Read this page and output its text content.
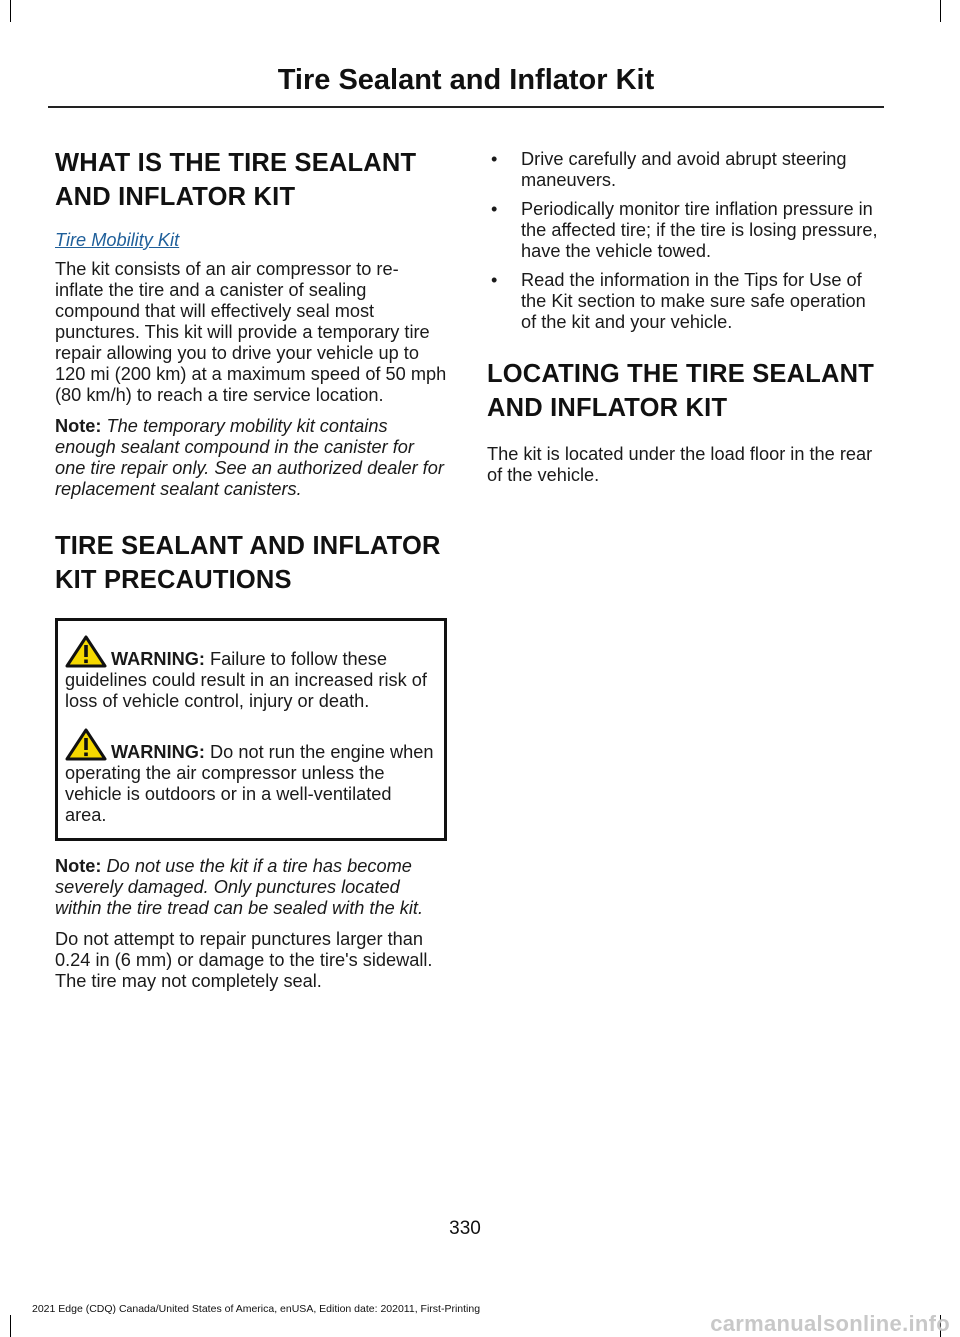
Tire Sealant and Inflator Kit
WHAT IS THE TIRE SEALANT
AND INFLATOR KIT
Tire Mobility Kit

The kit consists of an air compressor to re-inflate the tire and a canister of sealing compound that will effectively seal most punctures. This kit will provide a temporary tire repair allowing you to drive your vehicle up to 120 mi (200 km) at a maximum speed of 50 mph (80 km/h) to reach a tire service location.

Note: The temporary mobility kit contains enough sealant compound in the canister for one tire repair only. See an authorized dealer for replacement sealant canisters.

TIRE SEALANT AND INFLATOR
KIT PRECAUTIONS
WARNING: Failure to follow these guidelines could result in an increased risk of loss of vehicle control, injury or death.
WARNING: Do not run the engine when operating the air compressor unless the vehicle is outdoors or in a well-ventilated area.

Note: Do not use the kit if a tire has become severely damaged. Only punctures located within the tire tread can be sealed with the kit.

Do not attempt to repair punctures larger than 0.24 in (6 mm) or damage to the tire's sidewall. The tire may not completely seal.

• Drive carefully and avoid abrupt steering maneuvers.
• Periodically monitor tire inflation pressure in the affected tire; if the tire is losing pressure, have the vehicle towed.
• Read the information in the Tips for Use of the Kit section to make sure safe operation of the kit and your vehicle.
LOCATING THE TIRE SEALANT
AND INFLATOR KIT

The kit is located under the load floor in the rear of the vehicle.

330
2021 Edge (CDQ) Canada/United States of America, enUSA, Edition date: 202011, First-Printing
carmanualsonline.info
